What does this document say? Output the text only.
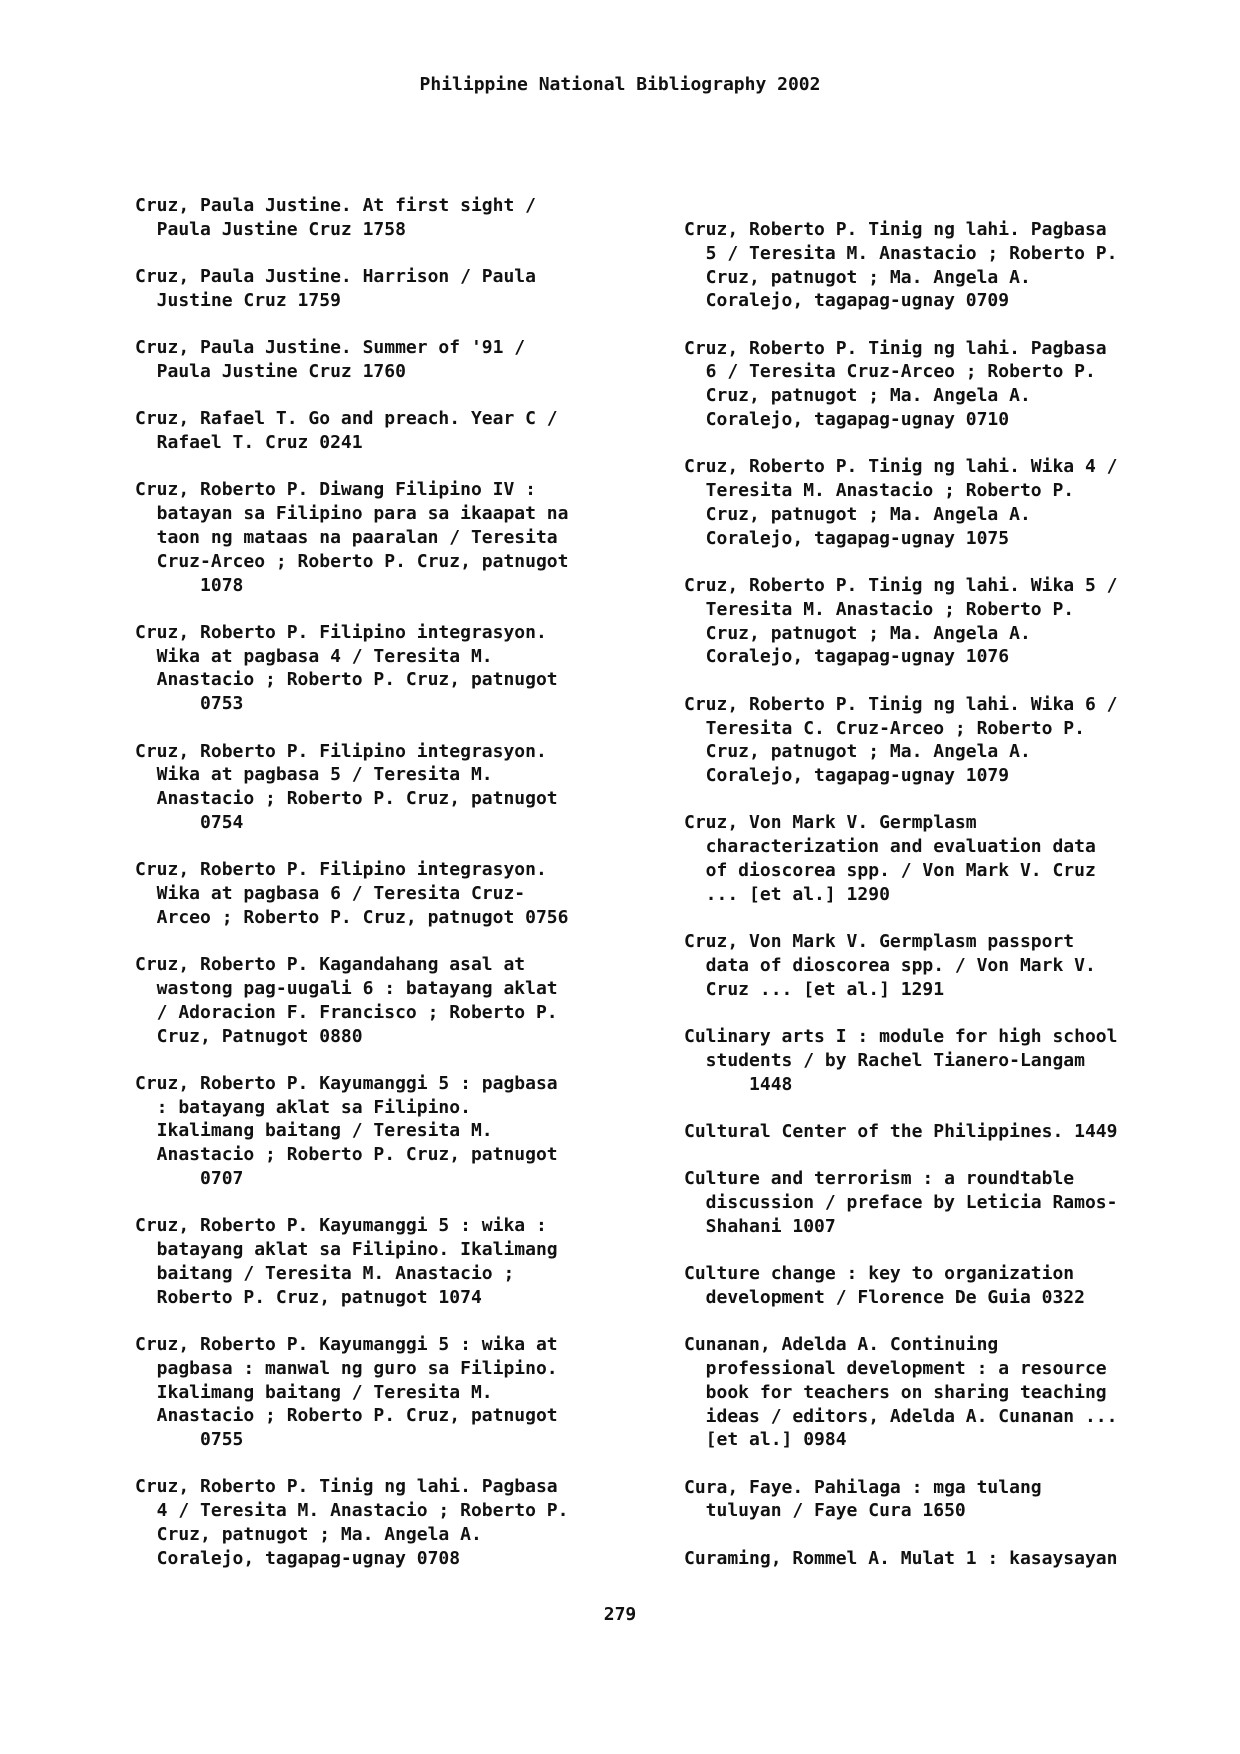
Philippine National Bibliography 2002
Cruz, Paula Justine. At first sight /
Paula Justine Cruz 1758
Cruz, Paula Justine. Harrison / Paula
Justine Cruz 1759
Cruz, Paula Justine. Summer of '91 /
Paula Justine Cruz 1760
Cruz, Rafael T. Go and preach. Year C /
Rafael T. Cruz 0241
Cruz, Roberto P. Diwang Filipino IV :
batayan sa Filipino para sa ikaapat na
taon ng mataas na paaralan / Teresita
Cruz-Arceo ; Roberto P. Cruz, patnugot
1078
Cruz, Roberto P. Filipino integrasyon.
Wika at pagbasa 4 / Teresita M.
Anastacio ; Roberto P. Cruz, patnugot
0753
Cruz, Roberto P. Filipino integrasyon.
Wika at pagbasa 5 / Teresita M.
Anastacio ; Roberto P. Cruz, patnugot
0754
Cruz, Roberto P. Filipino integrasyon.
Wika at pagbasa 6 / Teresita Cruz-
Arceo ; Roberto P. Cruz, patnugot 0756
Cruz, Roberto P. Kagandahang asal at
wastong pag-uugali 6 : batayang aklat
/ Adoracion F. Francisco ; Roberto P.
Cruz, Patnugot 0880
Cruz, Roberto P. Kayumanggi 5 : pagbasa
: batayang aklat sa Filipino.
Ikalimang baitang / Teresita M.
Anastacio ; Roberto P. Cruz, patnugot
0707
Cruz, Roberto P. Kayumanggi 5 : wika :
batayang aklat sa Filipino. Ikalimang
baitang / Teresita M. Anastacio ;
Roberto P. Cruz, patnugot 1074
Cruz, Roberto P. Kayumanggi 5 : wika at
pagbasa : manwal ng guro sa Filipino.
Ikalimang baitang / Teresita M.
Anastacio ; Roberto P. Cruz, patnugot
0755
Cruz, Roberto P. Tinig ng lahi. Pagbasa
4 / Teresita M. Anastacio ; Roberto P.
Cruz, patnugot ; Ma. Angela A.
Coralejo, tagapag-ugnay 0708
Cruz, Roberto P. Tinig ng lahi. Pagbasa
5 / Teresita M. Anastacio ; Roberto P.
Cruz, patnugot ; Ma. Angela A.
Coralejo, tagapag-ugnay 0709
Cruz, Roberto P. Tinig ng lahi. Pagbasa
6 / Teresita Cruz-Arceo ; Roberto P.
Cruz, patnugot ; Ma. Angela A.
Coralejo, tagapag-ugnay 0710
Cruz, Roberto P. Tinig ng lahi. Wika 4 /
Teresita M. Anastacio ; Roberto P.
Cruz, patnugot ; Ma. Angela A.
Coralejo, tagapag-ugnay 1075
Cruz, Roberto P. Tinig ng lahi. Wika 5 /
Teresita M. Anastacio ; Roberto P.
Cruz, patnugot ; Ma. Angela A.
Coralejo, tagapag-ugnay 1076
Cruz, Roberto P. Tinig ng lahi. Wika 6 /
Teresita C. Cruz-Arceo ; Roberto P.
Cruz, patnugot ; Ma. Angela A.
Coralejo, tagapag-ugnay 1079
Cruz, Von Mark V. Germplasm
characterization and evaluation data
of dioscorea spp. / Von Mark V. Cruz
... [et al.] 1290
Cruz, Von Mark V. Germplasm passport
data of dioscorea spp. / Von Mark V.
Cruz ... [et al.] 1291
Culinary arts I : module for high school
students / by Rachel Tianero-Langam
1448
Cultural Center of the Philippines. 1449
Culture and terrorism : a roundtable
discussion / preface by Leticia Ramos-
Shahani 1007
Culture change : key to organization
development / Florence De Guia 0322
Cunanan, Adelda A. Continuing
professional development : a resource
book for teachers on sharing teaching
ideas / editors, Adelda A. Cunanan ...
[et al.] 0984
Cura, Faye. Pahilaga : mga tulang
tuluyan / Faye Cura 1650
Curaming, Rommel A. Mulat 1 : kasaysayan
279
